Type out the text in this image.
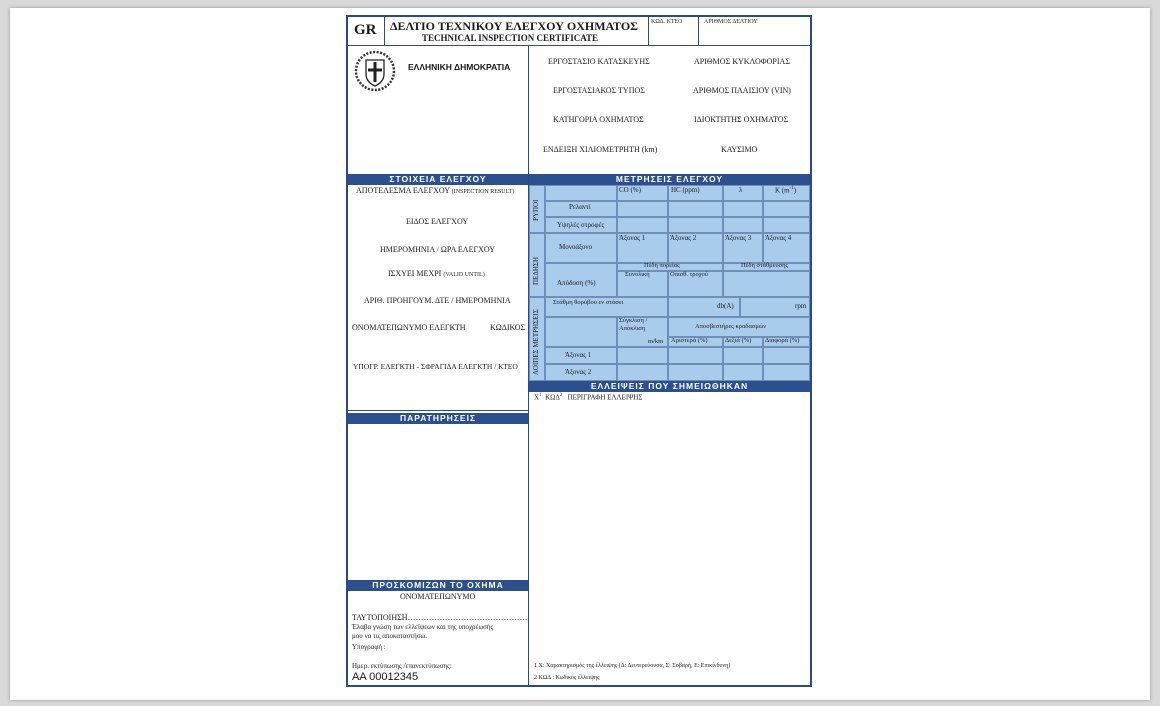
GR ΔΕΛΤΙΟ ΤΕΧΝΙΚΟΥ ΕΛΕΓΧΟΥ ΟΧΗΜΑΤΟΣ
TECHNICAL INSPECTION CERTIFICATE
ΚΩΔ. ΚΤΕΟ	ΑΡΙΘΜΟΣ ΔΕΛΤΙΟΥ
ΕΛΛΗΝΙΚΗ ΔΗΜΟΚΡΑΤΙΑ
ΕΡΓΟΣΤΑΣΙΟ ΚΑΤΑΣΚΕΥΗΣ	ΑΡΙΘΜΟΣ ΚΥΚΛΟΦΟΡΙΑΣ
ΕΡΓΟΣΤΑΣΙΑΚΟΣ ΤΥΠΟΣ	ΑΡΙΘΜΟΣ ΠΛΑΙΣΙΟΥ (VIN)
ΚΑΤΗΓΟΡΙΑ ΟΧΗΜΑΤΟΣ	ΙΔΙΟΚΤΗΤΗΣ ΟΧΗΜΑΤΟΣ
ΕΝΔΕΙΞΗ ΧΙΛΙΟΜΕΤΡΗΤΗ (km)	ΚΑΥΣΙΜΟ
ΣΤΟΙΧΕΙΑ ΕΛΕΓΧΟΥ	ΜΕΤΡΗΣΕΙΣ ΕΛΕΓΧΟΥ
ΑΠΟΤΕΛΕΣΜΑ ΕΛΕΓΧΟΥ (INSPECTION RESULT)
ΕΙΔΟΣ ΕΛΕΓΧΟΥ
ΗΜΕΡΟΜΗΝΙΑ / ΩΡΑ ΕΛΕΓΧΟΥ
ΙΣΧΥΕΙ ΜΕΧΡΙ (VALID UNTIL)
ΑΡΙΘ. ΠΡΟΗΓΟΥΜ. ΔΤΕ / ΗΜΕΡΟΜΗΝΙΑ
ΟΝΟΜΑΤΕΠΩΝΥΜΟ ΕΛΕΓΚΤΗ	ΚΩΔΙΚΟΣ
ΥΠΟΓΡ. ΕΛΕΓΚΤΗ - ΣΦΡΑΓΙΔΑ ΕΛΕΓΚΤΗ / ΚΤΕΟ
ΡΥΠΟΙ
ΠΕΔΗΣΗ
ΛΟΙΠΕΣ ΜΕΤΡΗΣΕΙΣ
CO (%)	HC (ppm)	λ	K $(m^{-1})$
Ρελαντί
Υψηλές στροφές
Μονοάξονο
Άξονας 1	Άξονας 2	Άξονας 3 Άξονας 4
Απόδοση (%)
Πέδη πορείας	Πέδη στάθμευσης
Συνολική	Οπισθ. τροχού
Στάθμη θορύβου εν στάσει	db(A)	rpm
Σύγκλιση / Απόκλιση
m/km
Αποσβεστήρες κραδασμών
Αριστερά (%)	Δεξιά (%) Διαφορά (%)
Άξονας 1
Άξονας 2
ΕΛΛΕΙΨΕΙΣ ΠΟΥ ΣΗΜΕΙΩΘΗΚΑΝ
$X^1$ ΚΩΔ$^2$ ΠΕΡΙΓΡΑΦΗ ΕΛΛΕΙΨΗΣ
1 Χ: Χαρακτηρισμός της έλλειψης (Δ: Δευτερεύουσα, Σ: Σοβαρή, Ε: Επικίνδυνη)
2 ΚΩΔ : Κωδικός έλλειψης
ΠΑΡΑΤΗΡΗΣΕΙΣ
ΠΡΟΣΚΟΜΙΖΩΝ ΤΟ ΟΧΗΜΑ
ΟΝΟΜΑΤΕΠΩΝΥΜΟ
ΤΑΥΤΟΠΟΙΗΣΗ………………………………………
Έλαβα γνώση των ελλείψεων και της υποχρέωσής
μου να τις αποκαταστήσω.
Υπογραφή :
Ημερ. εκτύπωσης /επανεκτύπωσης:
ΑΑ 00012345
